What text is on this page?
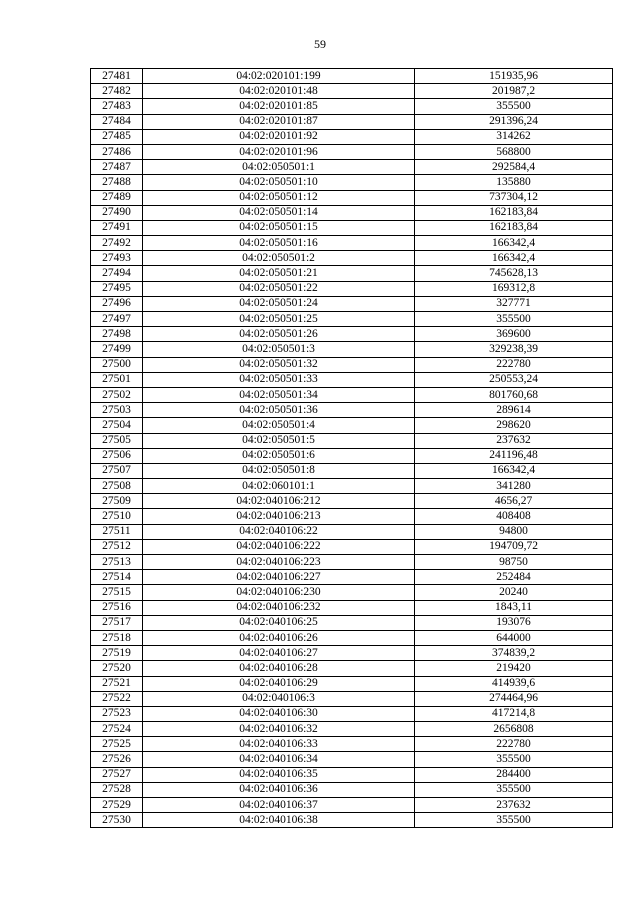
59
27481	04:02:020101:199	151935,96
27482	04:02:020101:48	201987,2
27483	04:02:020101:85	355500
27484	04:02:020101:87	291396,24
27485	04:02:020101:92	314262
27486	04:02:020101:96	568800
27487	04:02:050501:1	292584,4
27488	04:02:050501:10	135880
27489	04:02:050501:12	737304,12
27490	04:02:050501:14	162183,84
27491	04:02:050501:15	162183,84
27492	04:02:050501:16	166342,4
27493	04:02:050501:2	166342,4
27494	04:02:050501:21	745628,13
27495	04:02:050501:22	169312,8
27496	04:02:050501:24	327771
27497	04:02:050501:25	355500
27498	04:02:050501:26	369600
27499	04:02:050501:3	329238,39
27500	04:02:050501:32	222780
27501	04:02:050501:33	250553,24
27502	04:02:050501:34	801760,68
27503	04:02:050501:36	289614
27504	04:02:050501:4	298620
27505	04:02:050501:5	237632
27506	04:02:050501:6	241196,48
27507	04:02:050501:8	166342,4
27508	04:02:060101:1	341280
27509	04:02:040106:212	4656,27
27510	04:02:040106:213	408408
27511	04:02:040106:22	94800
27512	04:02:040106:222	194709,72
27513	04:02:040106:223	98750
27514	04:02:040106:227	252484
27515	04:02:040106:230	20240
27516	04:02:040106:232	1843,11
27517	04:02:040106:25	193076
27518	04:02:040106:26	644000
27519	04:02:040106:27	374839,2
27520	04:02:040106:28	219420
27521	04:02:040106:29	414939,6
27522	04:02:040106:3	274464,96
27523	04:02:040106:30	417214,8
27524	04:02:040106:32	2656808
27525	04:02:040106:33	222780
27526	04:02:040106:34	355500
27527	04:02:040106:35	284400
27528	04:02:040106:36	355500
27529	04:02:040106:37	237632
27530	04:02:040106:38	355500
